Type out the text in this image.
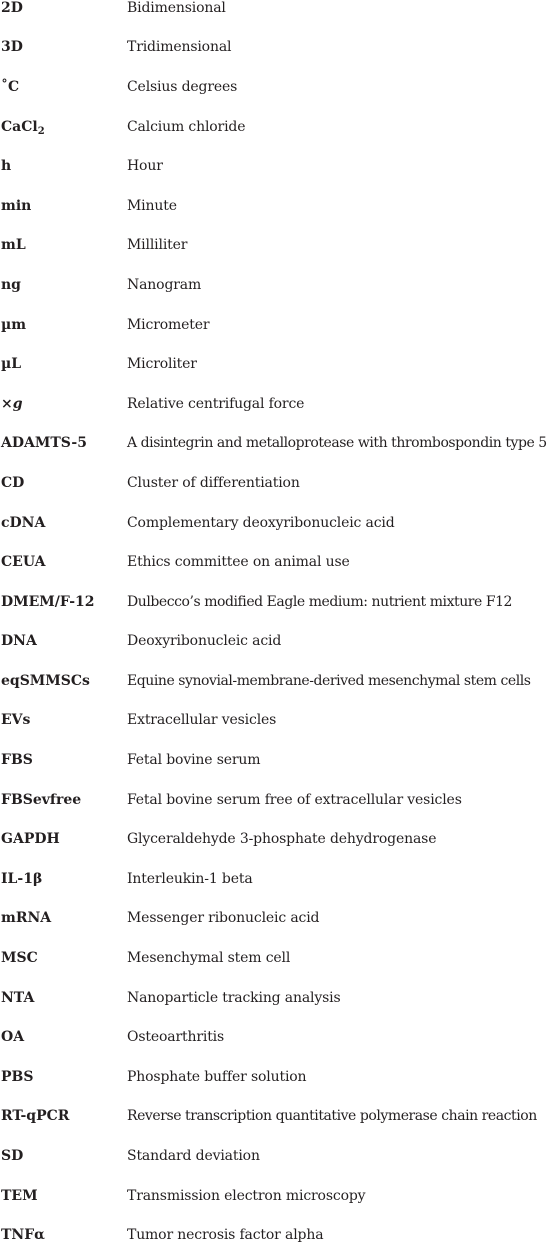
2D	Bidimensional
3D	Tridimensional
˚C	Celsius degrees
CaCl$_2$	Calcium chloride
h	Hour
min	Minute
mL	Milliliter
ng	Nanogram
µm	Micrometer
µL	Microliter
×g	Relative centrifugal force
ADAMTS-5	A disintegrin and metalloprotease with thrombospondin type 5
CD	Cluster of differentiation
cDNA	Complementary deoxyribonucleic acid
CEUA	Ethics committee on animal use
DMEM/F-12	Dulbecco’s modified Eagle medium: nutrient mixture F12
DNA	Deoxyribonucleic acid
eqSMMSCs	Equine synovial-membrane-derived mesenchymal stem cells
EVs	Extracellular vesicles
FBS	Fetal bovine serum
FBSevfree	Fetal bovine serum free of extracellular vesicles
GAPDH	Glyceraldehyde 3-phosphate dehydrogenase
IL-1β	Interleukin-1 beta
mRNA	Messenger ribonucleic acid
MSC	Mesenchymal stem cell
NTA	Nanoparticle tracking analysis
OA	Osteoarthritis
PBS	Phosphate buffer solution
RT-qPCR	Reverse transcription quantitative polymerase chain reaction
SD	Standard deviation
TEM	Transmission electron microscopy
TNFα	Tumor necrosis factor alpha
